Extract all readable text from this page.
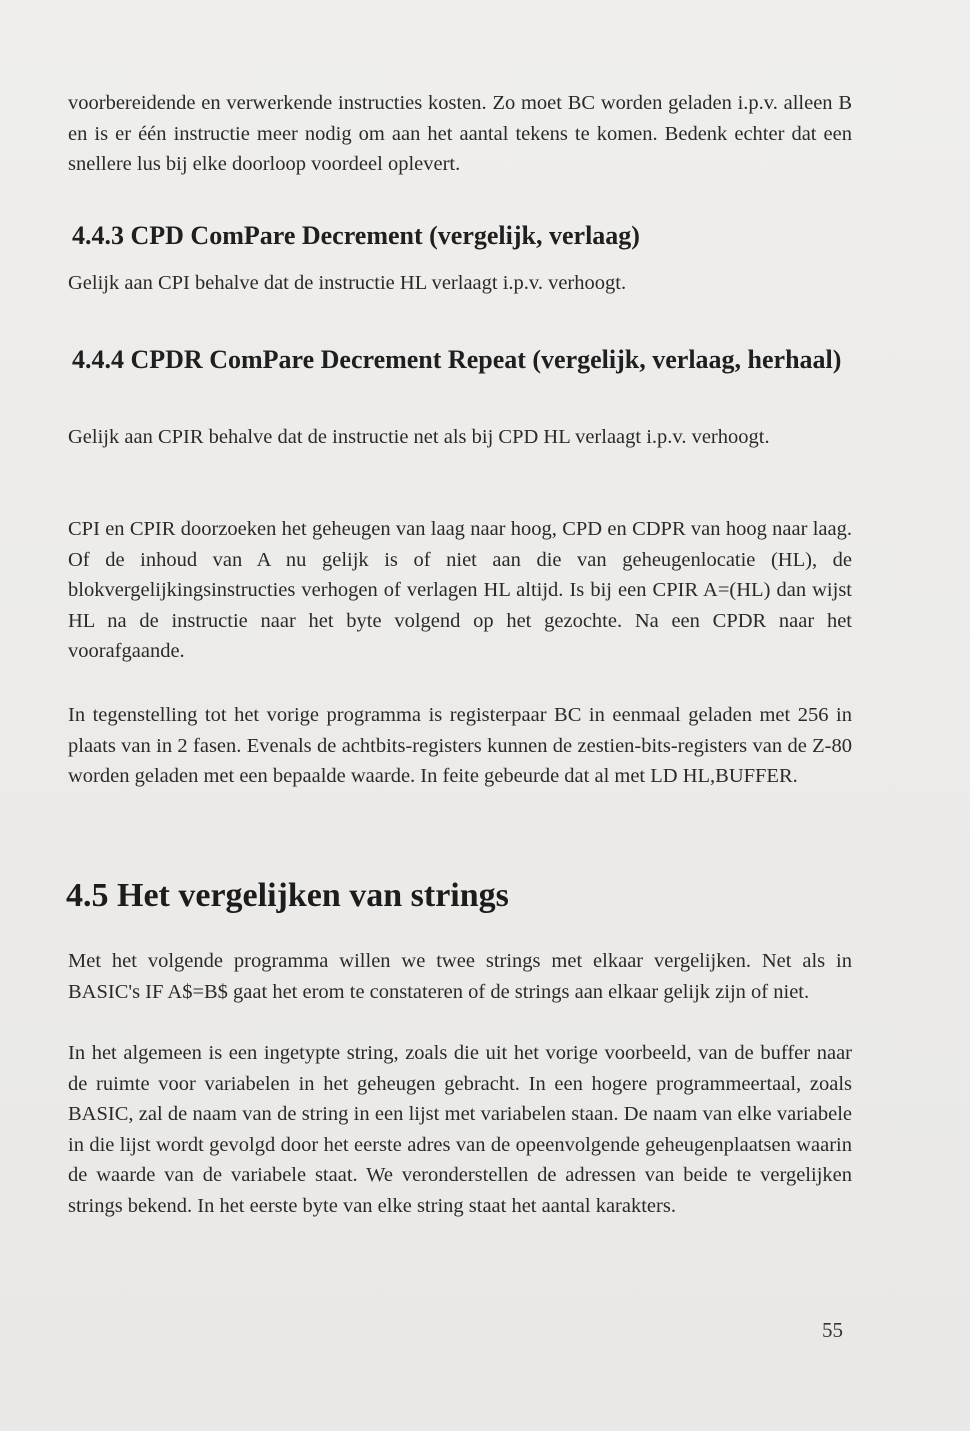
voorbereidende en verwerkende instructies kosten. Zo moet BC worden geladen i.p.v. alleen B en is er één instructie meer nodig om aan het aantal tekens te komen. Bedenk echter dat een snellere lus bij elke doorloop voordeel oplevert.

4.4.3 CPD ComPare Decrement (vergelijk, verlaag)

Gelijk aan CPI behalve dat de instructie HL verlaagt i.p.v. verhoogt.

4.4.4 CPDR ComPare Decrement Repeat (vergelijk, verlaag, herhaal)

Gelijk aan CPIR behalve dat de instructie net als bij CPD HL verlaagt i.p.v. verhoogt.

CPI en CPIR doorzoeken het geheugen van laag naar hoog, CPD en CDPR van hoog naar laag. Of de inhoud van A nu gelijk is of niet aan die van geheugenlocatie (HL), de blokvergelijkingsinstructies verhogen of verlagen HL altijd. Is bij een CPIR A=(HL) dan wijst HL na de instructie naar het byte volgend op het gezochte. Na een CPDR naar het voorafgaande.

In tegenstelling tot het vorige programma is registerpaar BC in eenmaal geladen met 256 in plaats van in 2 fasen. Evenals de achtbits-registers kunnen de zestien-bits-registers van de Z-80 worden geladen met een bepaalde waarde. In feite gebeurde dat al met LD HL,BUFFER.

4.5 Het vergelijken van strings

Met het volgende programma willen we twee strings met elkaar vergelijken. Net als in BASIC's IF A$=B$ gaat het erom te constateren of de strings aan elkaar gelijk zijn of niet.

In het algemeen is een ingetypte string, zoals die uit het vorige voorbeeld, van de buffer naar de ruimte voor variabelen in het geheugen gebracht. In een hogere programmeertaal, zoals BASIC, zal de naam van de string in een lijst met variabelen staan. De naam van elke variabele in die lijst wordt gevolgd door het eerste adres van de opeenvolgende geheugenplaatsen waarin de waarde van de variabele staat. We veronderstellen de adressen van beide te vergelijken strings bekend. In het eerste byte van elke string staat het aantal karakters.

55
